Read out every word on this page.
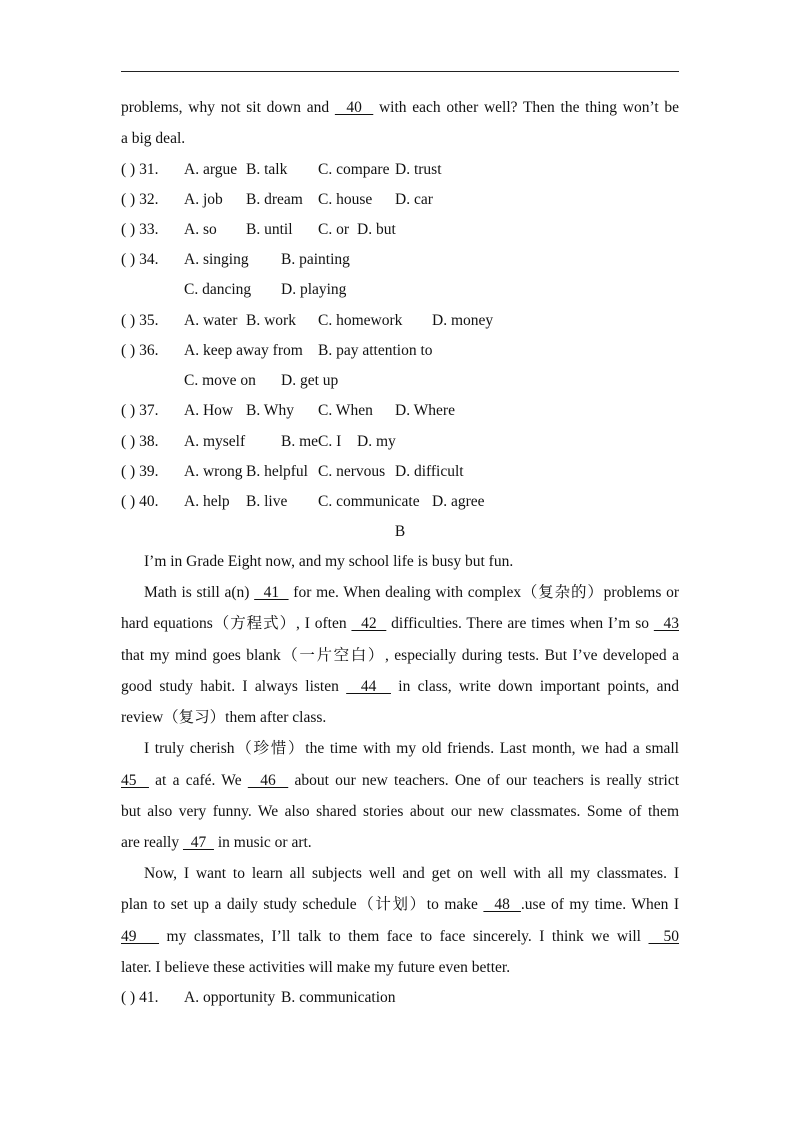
problems, why not sit down and   40   with each other well? Then the thing won’t be
a big deal.
( ) 31. A. argue B. talk C. compare D. trust
( ) 32. A. job B. dream C. house D. car
( ) 33. A. so B. until C. or D. but
( ) 34. A. singing B. painting
C. dancing D. playing
( ) 35. A. water B. work C. homework D. money
( ) 36. A. keep away from B. pay attention to
C. move on D. get up
( ) 37. A. How B. Why C. When D. Where
( ) 38. A. myself B. me C. I D. my
( ) 39. A. wrong B. helpful C. nervous D. difficult
( ) 40. A. help B. live C. communicate D. agree
B
I’m in Grade Eight now, and my school life is busy but fun.
Math is still a(n)   41   for me. When dealing with complex（复杂的）problems or
hard equations（方程式）, I often   42   difficulties. There are times when I’m so   43
that my mind goes blank（一片空白）, especially during tests. But I’ve developed a
good study habit. I always listen   44   in class, write down important points, and
review（复习）them after class.
I truly cherish（珍惜）the time with my old friends. Last month, we had a small
45   at a café. We   46   about our new teachers. One of our teachers is really strict
but also very funny. We also shared stories about our new classmates. Some of them
are really   47   in music or art.
Now, I want to learn all subjects well and get on well with all my classmates. I
plan to set up a daily study schedule（计划）to make   48  .use of my time. When I
49    my classmates, I’ll talk to them face to face sincerely. I think we will   50
later. I believe these activities will make my future even better.
( ) 41. A. opportunity B. communication
